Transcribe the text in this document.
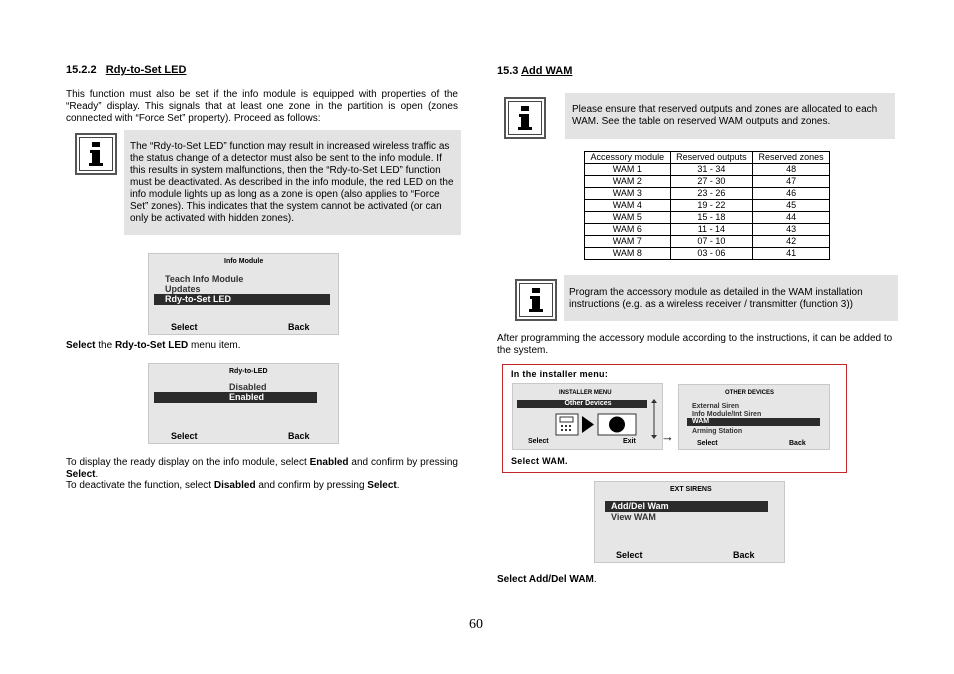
15.2.2 Rdy-to-Set LED
This function must also be set if the info module is equipped with properties of the “Ready” display. This signals that at least one zone in the partition is open (zones connected with “Force Set” property). Proceed as follows:
The “Rdy-to-Set LED” function may result in increased wireless traffic as the status change of a detector must also be sent to the info module. If this results in system malfunctions, then the “Rdy-to-Set LED” function must be deactivated. As described in the info module, the red LED on the info module lights up as long as a zone is open (also applies to “Force Set” zones). This indicates that the system cannot be activated (or can only be activated with hidden zones).
Info Module
Teach Info Module
Updates
Rdy-to-Set LED
Select	Back
Select the Rdy-to-Set LED menu item.
Rdy-to-LED
Disabled
Enabled
Select	Back
To display the ready display on the info module, select Enabled and confirm by pressing Select.
To deactivate the function, select Disabled and confirm by pressing Select.
15.3 Add WAM
Please ensure that reserved outputs and zones are allocated to each WAM. See the table on reserved WAM outputs and zones.
Accessory module	Reserved outputs	Reserved zones
WAM 1	31 - 34	48
WAM 2	27 - 30	47
WAM 3	23 - 26	46
WAM 4	19 - 22	45
WAM 5	15 - 18	44
WAM 6	11 - 14	43
WAM 7	07 - 10	42
WAM 8	03 - 06	41
Program the accessory module as detailed in the WAM installation instructions (e.g. as a wireless receiver / transmitter (function 3))
After programming the accessory module according to the instructions, it can be added to the system.
In the installer menu:
INSTALLER MENU
Other Devices
Select	Exit →
OTHER DEVICES
External Siren
Info Module/Int Siren
WAM
Arming Station
Select	Back
Select WAM.
EXT SIRENS
Add/Del Wam
View WAM
Select	Back
Select Add/Del WAM.
60
